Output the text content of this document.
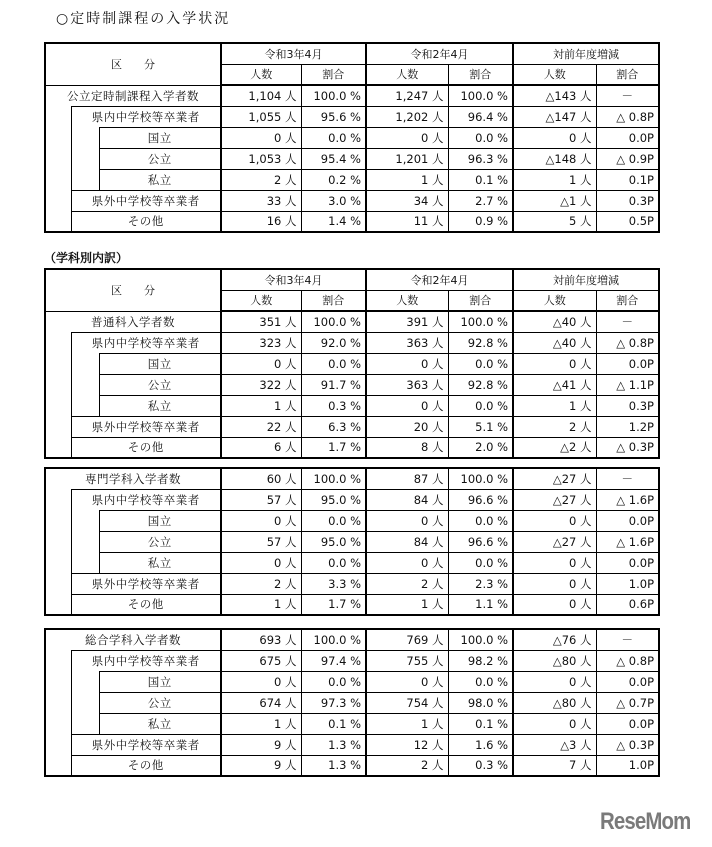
○定時制課程の入学状況
（学科別内訳）
区　　分			令和3年4月		令和2年4月		対前年度増減	
			人数	割合	人数	割合	人数	割合
公立定時制課程入学者数			1,104 人	100.0 %	1,247 人	100.0 %	△143 人	－
	県内中学校等卒業者		1,055 人	95.6 %	1,202 人	96.4 %	△147 人	△ 0.8P
		国立	0 人	0.0 %	0 人	0.0 %	0 人	0.0P
		公立	1,053 人	95.4 %	1,201 人	96.3 %	△148 人	△ 0.9P
		私立	2 人	0.2 %	1 人	0.1 %	1 人	0.1P
	県外中学校等卒業者		33 人	3.0 %	34 人	2.7 %	△1 人	0.3P
	その他		16 人	1.4 %	11 人	0.9 %	5 人	0.5P
区　　分			令和3年4月		令和2年4月		対前年度増減	
			人数	割合	人数	割合	人数	割合
普通科入学者数			351 人	100.0 %	391 人	100.0 %	△40 人	－
	県内中学校等卒業者		323 人	92.0 %	363 人	92.8 %	△40 人	△ 0.8P
		国立	0 人	0.0 %	0 人	0.0 %	0 人	0.0P
		公立	322 人	91.7 %	363 人	92.8 %	△41 人	△ 1.1P
		私立	1 人	0.3 %	0 人	0.0 %	1 人	0.3P
	県外中学校等卒業者		22 人	6.3 %	20 人	5.1 %	2 人	1.2P
	その他		6 人	1.7 %	8 人	2.0 %	△2 人	△ 0.3P
専門学科入学者数			60 人	100.0 %	87 人	100.0 %	△27 人	－
	県内中学校等卒業者		57 人	95.0 %	84 人	96.6 %	△27 人	△ 1.6P
		国立	0 人	0.0 %	0 人	0.0 %	0 人	0.0P
		公立	57 人	95.0 %	84 人	96.6 %	△27 人	△ 1.6P
		私立	0 人	0.0 %	0 人	0.0 %	0 人	0.0P
	県外中学校等卒業者		2 人	3.3 %	2 人	2.3 %	0 人	1.0P
	その他		1 人	1.7 %	1 人	1.1 %	0 人	0.6P
総合学科入学者数			693 人	100.0 %	769 人	100.0 %	△76 人	－
	県内中学校等卒業者		675 人	97.4 %	755 人	98.2 %	△80 人	△ 0.8P
		国立	0 人	0.0 %	0 人	0.0 %	0 人	0.0P
		公立	674 人	97.3 %	754 人	98.0 %	△80 人	△ 0.7P
		私立	1 人	0.1 %	1 人	0.1 %	0 人	0.0P
	県外中学校等卒業者		9 人	1.3 %	12 人	1.6 %	△3 人	△ 0.3P
	その他		9 人	1.3 %	2 人	0.3 %	7 人	1.0P
ReseMom
